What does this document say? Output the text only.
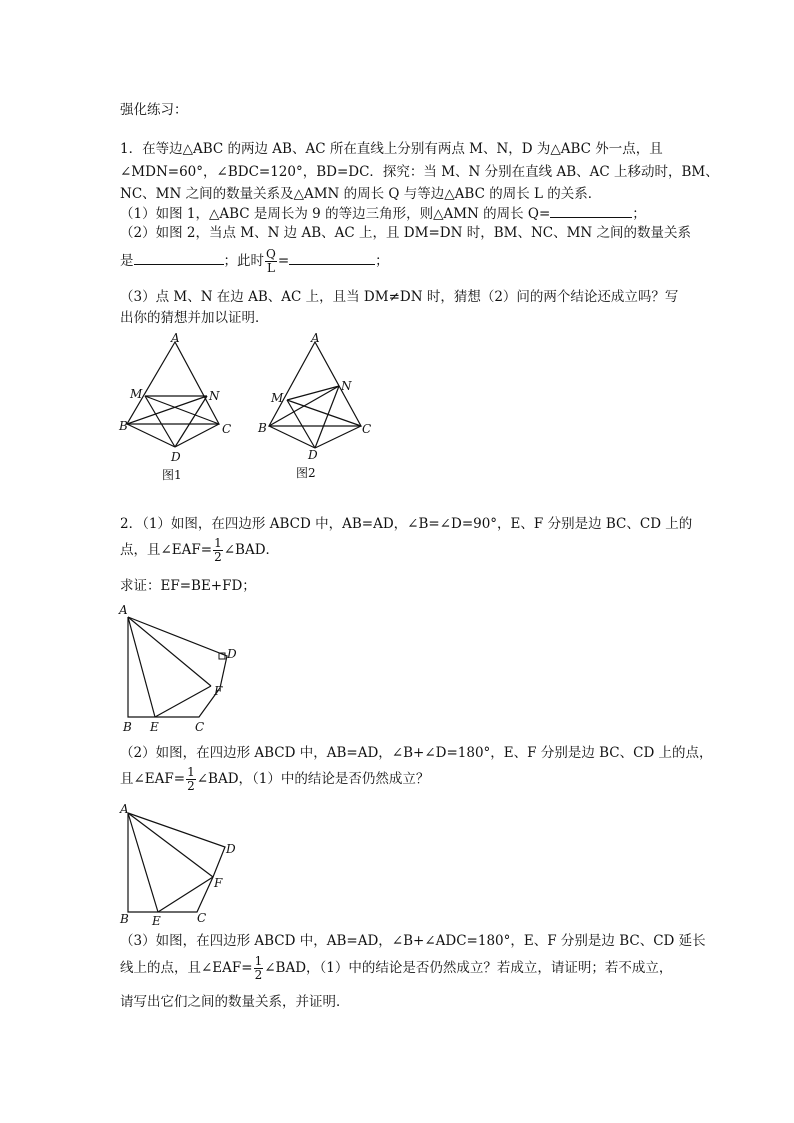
强化练习：
1．在等边△ABC 的两边 AB、AC 所在直线上分别有两点 M、N，D 为△ABC 外一点，且
∠MDN=60°，∠BDC=120°，BD=DC．探究：当 M、N 分别在直线 AB、AC 上移动时，BM、
NC、MN 之间的数量关系及△AMN 的周长 Q 与等边△ABC 的周长 L 的关系．
（1）如图 1，△ABC 是周长为 9 的等边三角形，则△AMN 的周长 Q=	；
（2）如图 2，当点 M、N 边 AB、AC 上，且 DM=DN 时，BM、NC、MN 之间的数量关系
是	；此时 $\frac{Q}{L}$ =	；
（3）点 M、N 在边 AB、AC 上，且当 DM≠DN 时，猜想（2）问的两个结论还成立吗？写
出你的猜想并加以证明．
A
M	N
B	C
D
图1
A
M
N
B	C
D
图2
2．（1）如图，在四边形 ABCD 中，AB=AD，∠B=∠D=90°，E、F 分别是边 BC、CD 上的
点，且∠EAF= $\frac{1}{2}$ ∠BAD．
求证：EF=BE+FD；
A
D
F
B E	C
（2）如图，在四边形 ABCD 中，AB=AD，∠B+∠D=180°，E、F 分别是边 BC、CD 上的点，
且∠EAF= $\frac{1}{2}$ ∠BAD，（1）中的结论是否仍然成立？
A
D
F
B E	C
（3）如图，在四边形 ABCD 中，AB=AD，∠B+∠ADC=180°，E、F 分别是边 BC、CD 延长
线上的点，且∠EAF= $\frac{1}{2}$ ∠BAD，（1）中的结论是否仍然成立？若成立，请证明；若不成立，
请写出它们之间的数量关系，并证明．
